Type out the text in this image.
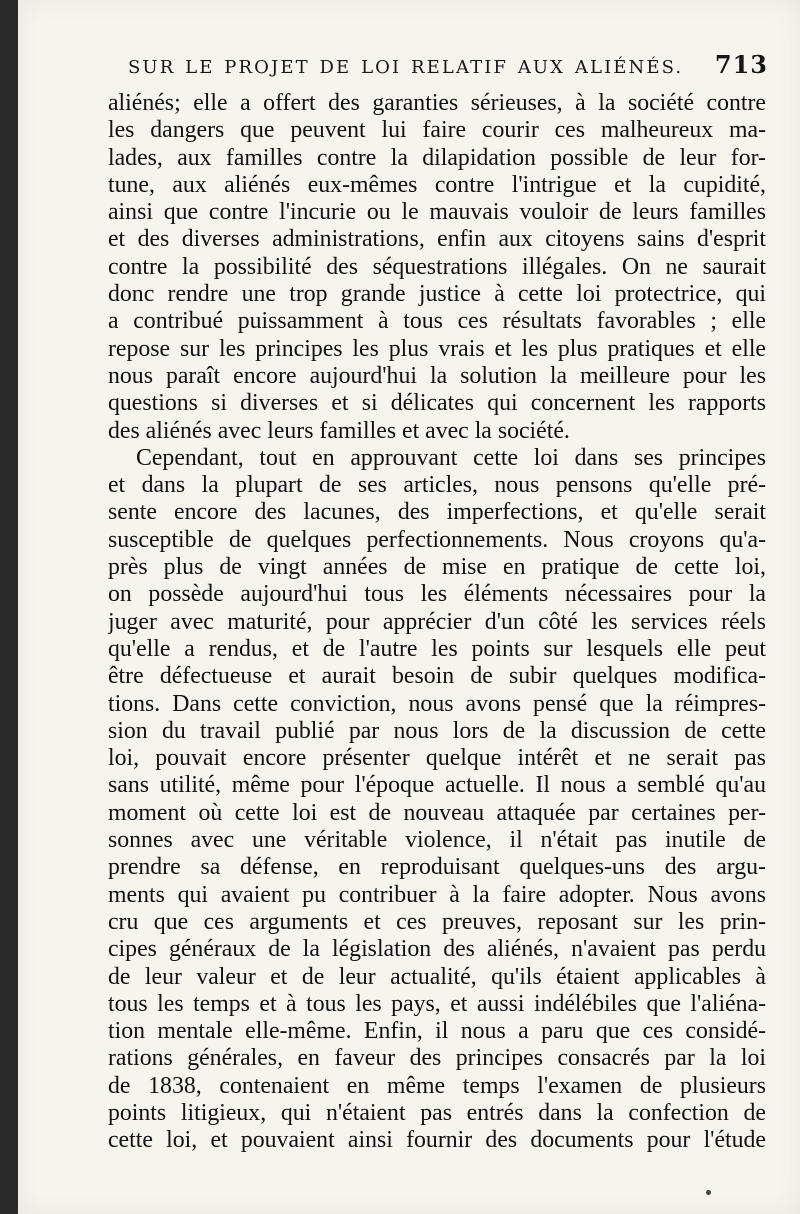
SUR LE PROJET DE LOI RELATIF AUX ALIÉNÉS. 713
aliénés; elle a offert des garanties sérieuses, à la société contre
les dangers que peuvent lui faire courir ces malheureux ma-
lades, aux familles contre la dilapidation possible de leur for-
tune, aux aliénés eux-mêmes contre l'intrigue et la cupidité,
ainsi que contre l'incurie ou le mauvais vouloir de leurs familles
et des diverses administrations, enfin aux citoyens sains d'esprit
contre la possibilité des séquestrations illégales. On ne saurait
donc rendre une trop grande justice à cette loi protectrice, qui
a contribué puissamment à tous ces résultats favorables ; elle
repose sur les principes les plus vrais et les plus pratiques et elle
nous paraît encore aujourd'hui la solution la meilleure pour les
questions si diverses et si délicates qui concernent les rapports
des aliénés avec leurs familles et avec la société.
Cependant, tout en approuvant cette loi dans ses principes
et dans la plupart de ses articles, nous pensons qu'elle pré-
sente encore des lacunes, des imperfections, et qu'elle serait
susceptible de quelques perfectionnements. Nous croyons qu'a-
près plus de vingt années de mise en pratique de cette loi,
on possède aujourd'hui tous les éléments nécessaires pour la
juger avec maturité, pour apprécier d'un côté les services réels
qu'elle a rendus, et de l'autre les points sur lesquels elle peut
être défectueuse et aurait besoin de subir quelques modifica-
tions. Dans cette conviction, nous avons pensé que la réimpres-
sion du travail publié par nous lors de la discussion de cette
loi, pouvait encore présenter quelque intérêt et ne serait pas
sans utilité, même pour l'époque actuelle. Il nous a semblé qu'au
moment où cette loi est de nouveau attaquée par certaines per-
sonnes avec une véritable violence, il n'était pas inutile de
prendre sa défense, en reproduisant quelques-uns des argu-
ments qui avaient pu contribuer à la faire adopter. Nous avons
cru que ces arguments et ces preuves, reposant sur les prin-
cipes généraux de la législation des aliénés, n'avaient pas perdu
de leur valeur et de leur actualité, qu'ils étaient applicables à
tous les temps et à tous les pays, et aussi indélébiles que l'aliéna-
tion mentale elle-même. Enfin, il nous a paru que ces considé-
rations générales, en faveur des principes consacrés par la loi
de 1838, contenaient en même temps l'examen de plusieurs
points litigieux, qui n'étaient pas entrés dans la confection de
cette loi, et pouvaient ainsi fournir des documents pour l'étude
